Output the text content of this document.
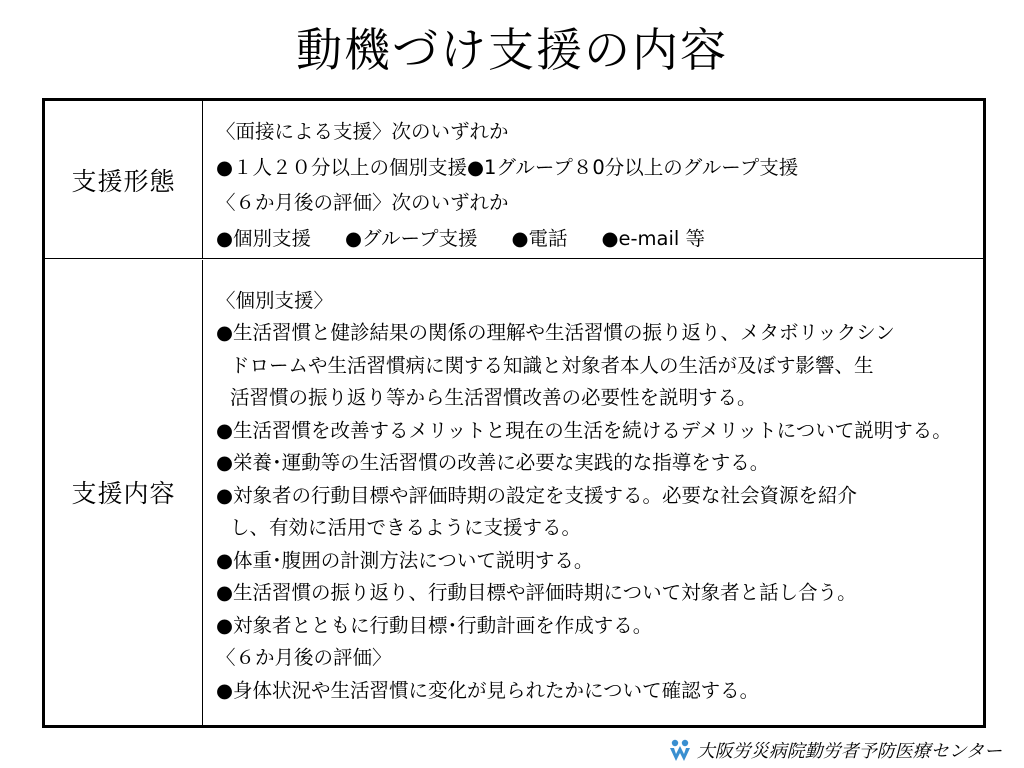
動機づけ支援の内容
支援形態
〈面接による支援〉次のいずれか
●１人２０分以上の個別支援●1グループ８0分以上のグループ支援
〈６か月後の評価〉次のいずれか
●個別支援 ●グループ支援 ●電話 ●e-mail 等
支援内容
〈個別支援〉
●生活習慣と健診結果の関係の理解や生活習慣の振り返り、メタボリックシン
ドロームや生活習慣病に関する知識と対象者本人の生活が及ぼす影響、生
活習慣の振り返り等から生活習慣改善の必要性を説明する。
●生活習慣を改善するメリットと現在の生活を続けるデメリットについて説明する。
●栄養･運動等の生活習慣の改善に必要な実践的な指導をする。
●対象者の行動目標や評価時期の設定を支援する。必要な社会資源を紹介
し、有効に活用できるように支援する。
●体重･腹囲の計測方法について説明する。
●生活習慣の振り返り、行動目標や評価時期について対象者と話し合う。
●対象者とともに行動目標･行動計画を作成する。
〈６か月後の評価〉
●身体状況や生活習慣に変化が見られたかについて確認する。
大阪労災病院勤労者予防医療センター
